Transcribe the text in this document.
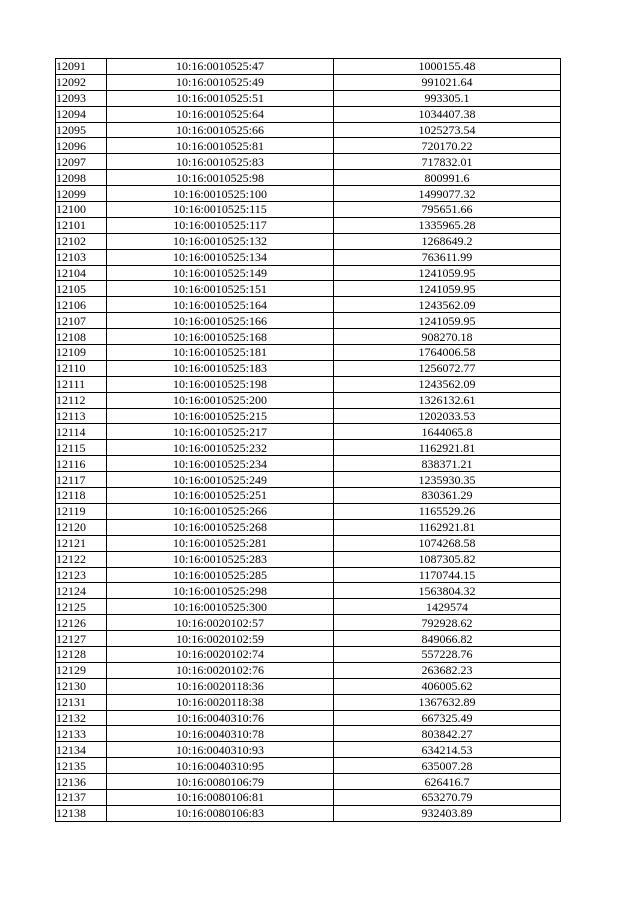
12091	10:16:0010525:47	1000155.48
12092	10:16:0010525:49	991021.64
12093	10:16:0010525:51	993305.1
12094	10:16:0010525:64	1034407.38
12095	10:16:0010525:66	1025273.54
12096	10:16:0010525:81	720170.22
12097	10:16:0010525:83	717832.01
12098	10:16:0010525:98	800991.6
12099	10:16:0010525:100	1499077.32
12100	10:16:0010525:115	795651.66
12101	10:16:0010525:117	1335965.28
12102	10:16:0010525:132	1268649.2
12103	10:16:0010525:134	763611.99
12104	10:16:0010525:149	1241059.95
12105	10:16:0010525:151	1241059.95
12106	10:16:0010525:164	1243562.09
12107	10:16:0010525:166	1241059.95
12108	10:16:0010525:168	908270.18
12109	10:16:0010525:181	1764006.58
12110	10:16:0010525:183	1256072.77
12111	10:16:0010525:198	1243562.09
12112	10:16:0010525:200	1326132.61
12113	10:16:0010525:215	1202033.53
12114	10:16:0010525:217	1644065.8
12115	10:16:0010525:232	1162921.81
12116	10:16:0010525:234	838371.21
12117	10:16:0010525:249	1235930.35
12118	10:16:0010525:251	830361.29
12119	10:16:0010525:266	1165529.26
12120	10:16:0010525:268	1162921.81
12121	10:16:0010525:281	1074268.58
12122	10:16:0010525:283	1087305.82
12123	10:16:0010525:285	1170744.15
12124	10:16:0010525:298	1563804.32
12125	10:16:0010525:300	1429574
12126	10:16:0020102:57	792928.62
12127	10:16:0020102:59	849066.82
12128	10:16:0020102:74	557228.76
12129	10:16:0020102:76	263682.23
12130	10:16:0020118:36	406005.62
12131	10:16:0020118:38	1367632.89
12132	10:16:0040310:76	667325.49
12133	10:16:0040310:78	803842.27
12134	10:16:0040310:93	634214.53
12135	10:16:0040310:95	635007.28
12136	10:16:0080106:79	626416.7
12137	10:16:0080106:81	653270.79
12138	10:16:0080106:83	932403.89
